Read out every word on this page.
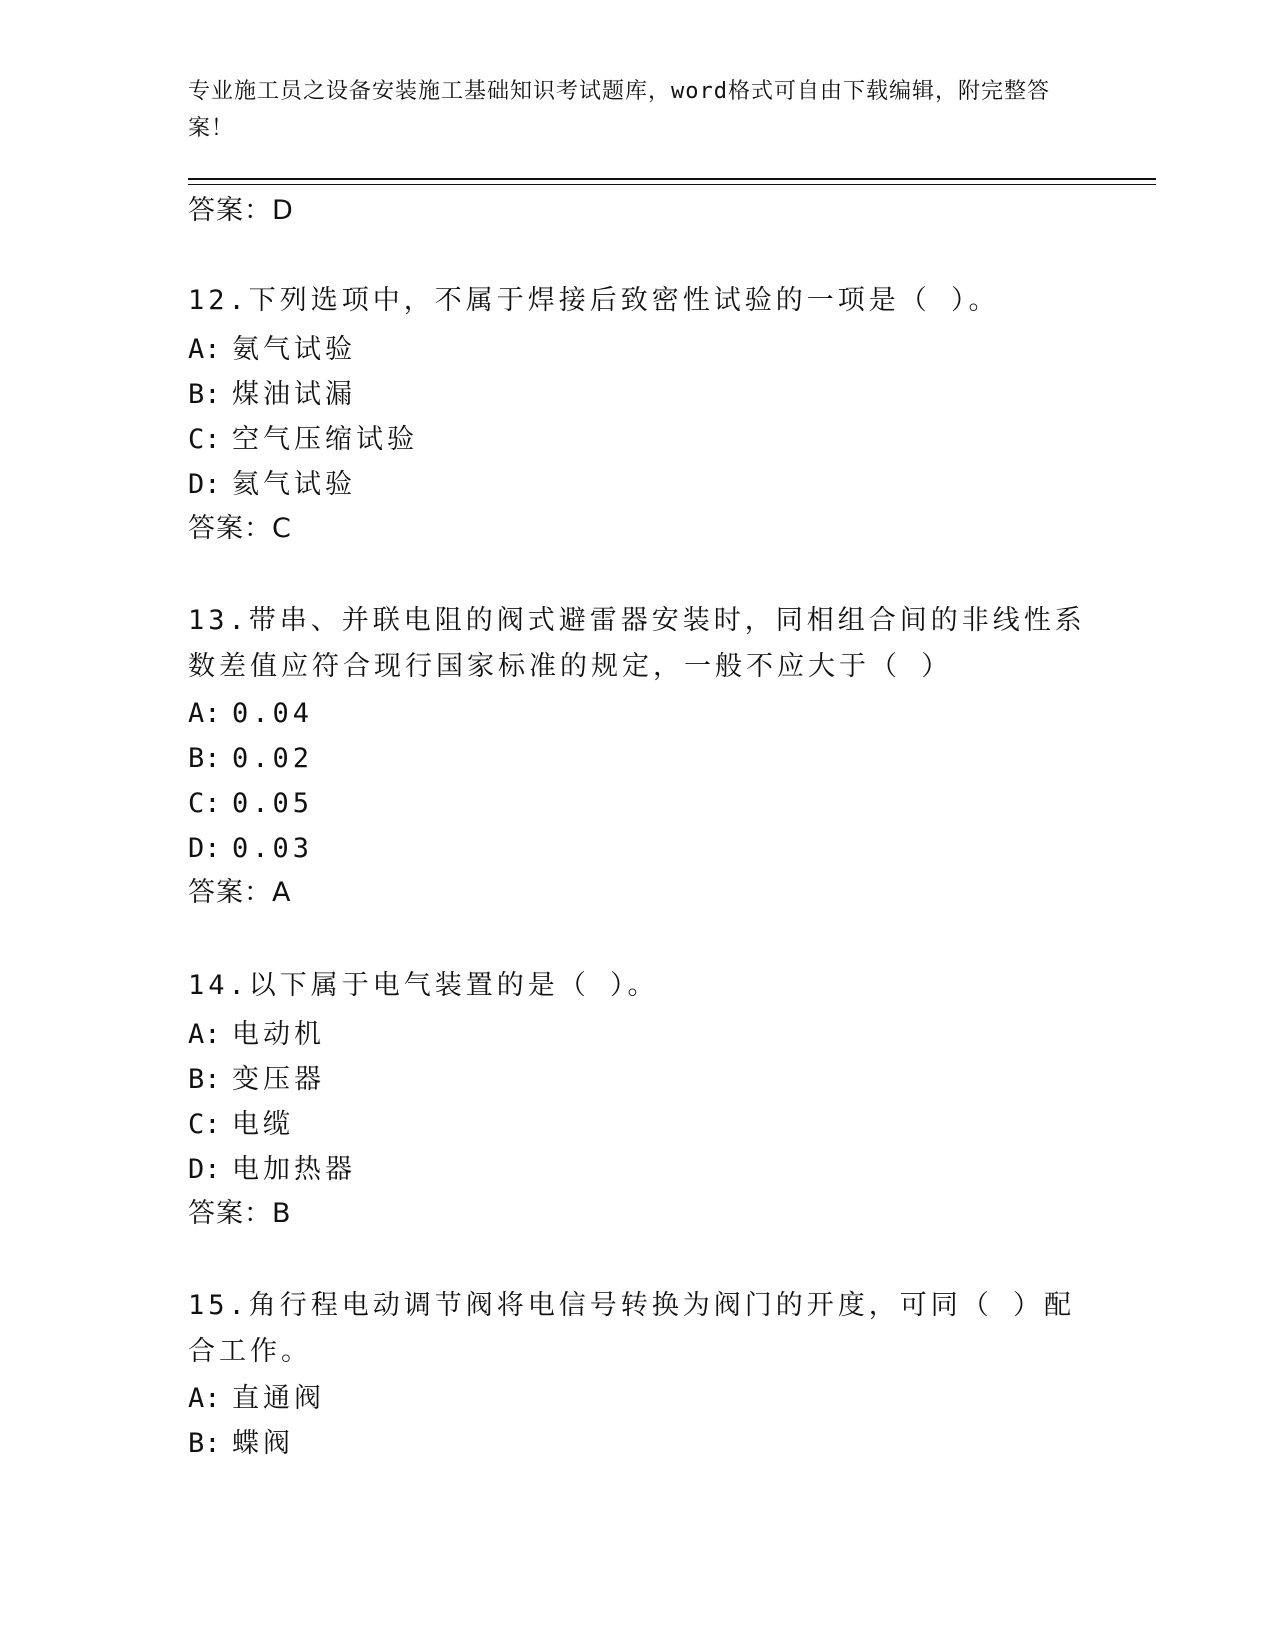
专业施工员之设备安装施工基础知识考试题库，word格式可自由下载编辑，附完整答案！
答案：D
12.下列选项中，不属于焊接后致密性试验的一项是（ ）。
A: 氨气试验
B: 煤油试漏
C: 空气压缩试验
D: 氦气试验
答案：C
13.带串、并联电阻的阀式避雷器安装时，同相组合间的非线性系数差值应符合现行国家标准的规定，一般不应大于（ ）
A: 0.04
B: 0.02
C: 0.05
D: 0.03
答案：A
14.以下属于电气装置的是（ ）。
A: 电动机
B: 变压器
C: 电缆
D: 电加热器
答案：B
15.角行程电动调节阀将电信号转换为阀门的开度，可同（ ）配合工作。
A: 直通阀
B: 蝶阀
